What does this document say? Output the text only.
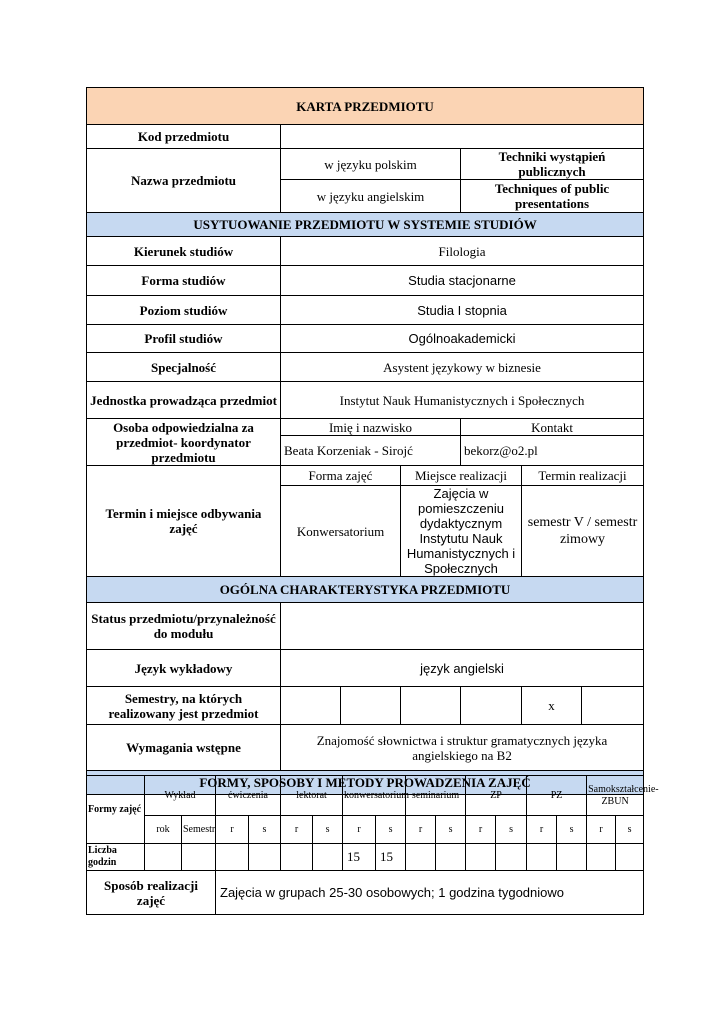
KARTA PRZEDMIOTU						
Kod przedmiotu						
Nazwa przedmiotu	w języku polskim			Techniki wystąpień publicznych		
	w języku angielskim			Techniques of public presentations		
USYTUOWANIE PRZEDMIOTU W SYSTEMIE STUDIÓW						
Kierunek studiów	Filologia					
Forma studiów	Studia stacjonarne					
Poziom studiów	Studia I stopnia					
Profil studiów	Ogólnoakademicki					
Specjalność	Asystent językowy w biznesie					
Jednostka prowadząca przedmiot	Instytut Nauk Humanistycznych i Społecznych					
Osoba odpowiedzialna za przedmiot- koordynator przedmiotu	Imię i nazwisko			Kontakt		
	Beata Korzeniak - Sirojć			bekorz@o2.pl		
Termin i miejsce odbywania zajęć	Forma zajęć		Miejsce realizacji		Termin realizacji	
	Konwersatorium		Zajęcia w pomieszczeniu dydaktycznym Instytutu Nauk Humanistycznych i Społecznych		semestr V / semestr zimowy	
OGÓLNA CHARAKTERYSTYKA PRZEDMIOTU						
Status przedmiotu/przynależność do modułu						
Język wykładowy	język angielski					
Semestry, na których realizowany jest przedmiot					x	
Wymagania wstępne	Znajomość słownictwa i struktur gramatycznych języka angielskiego na B2					
FORMY, SPOSOBY I METODY PROWADZENIA ZAJĘĆ						
Formy zajęć	Wykład		ćwiczenia		lektorat		konwersatorium		seminarium		ZP		PZ		Samokształcenie-ZBUN	
	rok	Semestr	r	s	r	s	r	s	r	s	r	s	r	s	r	s
Liczba godzin							15	15								
Sposób realizacji zajęć	Zajęcia w grupach 25-30 osobowych; 1 godzina tygodniowo
